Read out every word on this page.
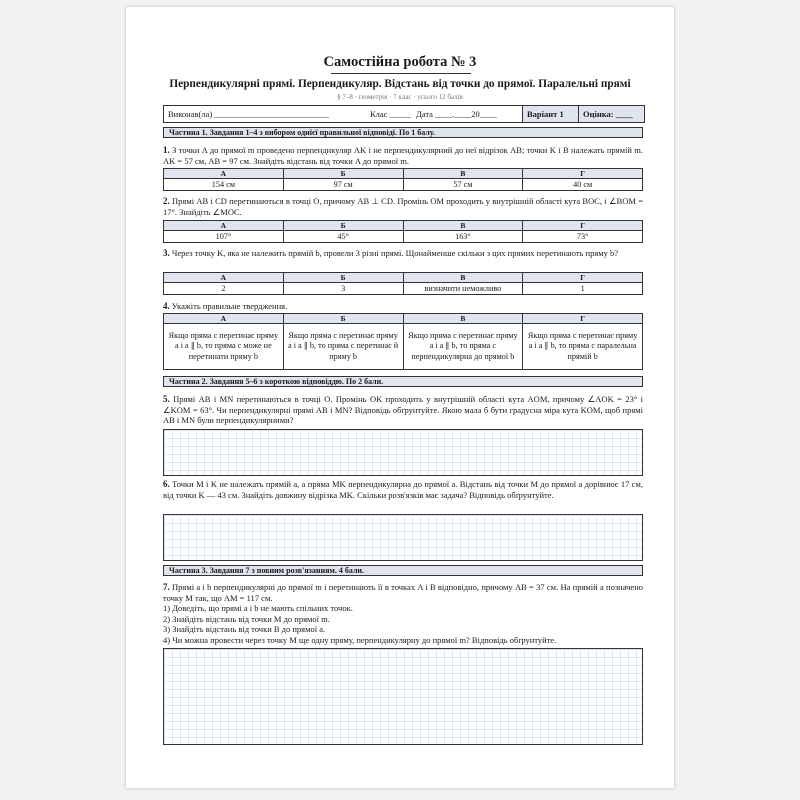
Самостійна робота № 3
Перпендикулярні прямі. Перпендикуляр. Відстань від точки до прямої. Паралельні прямі
§ 7–8 · геометрія · 7 клас · усього 12 балів
Виконав(ла) ___________________________	Клас _____ Дата ____.____20____	Варіант 1	Оцінка: ____
Частина 1. Завдання 1–4 з вибором однієї правильної відповіді. По 1 балу.
1. З точки A до прямої m проведено перпендикуляр AK і не перпендикулярний до неї відрізок AB; точки K і B належать прямій m. AK = 57 см, AB = 97 см. Знайдіть відстань від точки A до прямої m.
А	Б	В	Г
154 см	97 см	57 см	40 см
2. Прямі AB і CD перетинаються в точці O, причому AB ⊥ CD. Промінь OM проходить у внутрішній області кута BOC, і ∠BOM = 17°. Знайдіть ∠MOC.
А	Б	В	Г
107°	45°	163°	73°
3. Через точку K, яка не належить прямій b, провели 3 різні прямі. Щонайменше скільки з цих прямих перетинають пряму b?
А	Б	В	Г
2	3	визначити неможливо	1
4. Укажіть правильне твердження.
А	Б	В	Г
Якщо пряма c перетинає пряму a і a ∥ b, то пряма c може не перетинати пряму b	Якщо пряма c перетинає пряму a і a ∥ b, то пряма c перетинає й пряму b	Якщо пряма c перетинає пряму a і a ∥ b, то пряма c перпендикулярна до прямої b	Якщо пряма c перетинає пряму a і a ∥ b, то пряма c паралельна прямій b
Частина 2. Завдання 5–6 з короткою відповіддю. По 2 бали.
5. Прямі AB і MN перетинаються в точці O. Промінь OK проходить у внутрішній області кута AOM, причому ∠AOK = 23° і ∠KOM = 63°. Чи перпендикулярні прямі AB і MN? Відповідь обґрунтуйте. Якою мала б бути градусна міра кута KOM, щоб прямі AB і MN були перпендикулярними?
6. Точки M і K не належать прямій a, а пряма MK перпендикулярна до прямої a. Відстань від точки M до прямої a дорівнює 17 см, від точки K — 43 см. Знайдіть довжину відрізка MK. Скільки розв'язків має задача? Відповідь обґрунтуйте.
Частина 3. Завдання 7 з повним розв'язанням. 4 бали.
7. Прямі a і b перпендикулярні до прямої m і перетинають її в точках A і B відповідно, причому AB = 37 см. На прямій a позначено точку M так, що AM = 117 см.
1) Доведіть, що прямі a і b не мають спільних точок.
2) Знайдіть відстань від точки M до прямої m.
3) Знайдіть відстань від точки B до прямої a.
4) Чи можна провести через точку M ще одну пряму, перпендикулярну до прямої m? Відповідь обґрунтуйте.
